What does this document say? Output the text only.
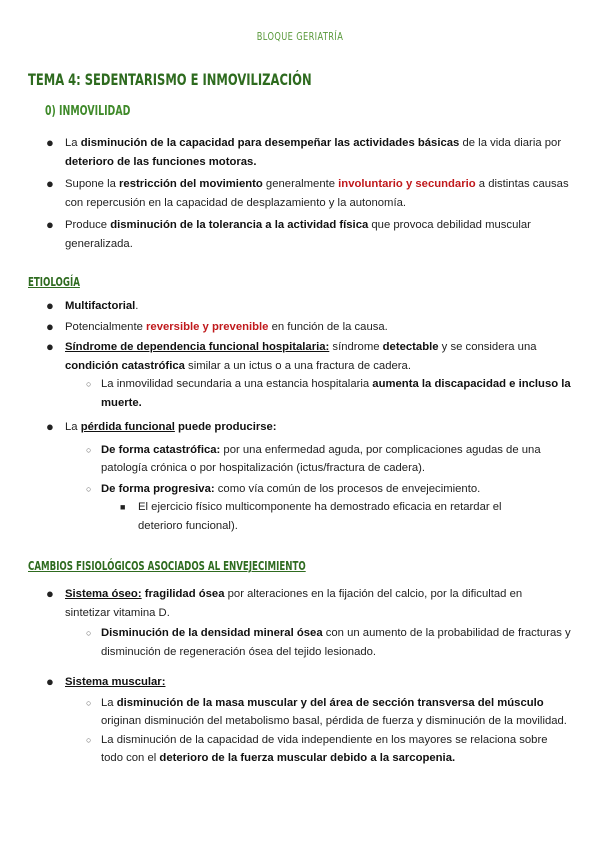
BLOQUE GERIATRÍA
TEMA 4: SEDENTARISMO E INMOVILIZACIÓN
0) INMOVILIDAD
● La disminución de la capacidad para desempeñar las actividades básicas de la vida diaria por deterioro de las funciones motoras.
● Supone la restricción del movimiento generalmente involuntario y secundario a distintas causas con repercusión en la capacidad de desplazamiento y la autonomía.
● Produce disminución de la tolerancia a la actividad física que provoca debilidad muscular generalizada.
ETIOLOGÍA
● Multifactorial.
● Potencialmente reversible y prevenible en función de la causa.
● Síndrome de dependencia funcional hospitalaria: síndrome detectable y se considera una condición catastrófica similar a un ictus o a una fractura de cadera.
○ La inmovilidad secundaria a una estancia hospitalaria aumenta la discapacidad e incluso la muerte.
● La pérdida funcional puede producirse:
○ De forma catastrófica: por una enfermedad aguda, por complicaciones agudas de una patología crónica o por hospitalización (ictus/fractura de cadera).
○ De forma progresiva: como vía común de los procesos de envejecimiento.
■ El ejercicio físico multicomponente ha demostrado eficacia en retardar el deterioro funcional).
CAMBIOS FISIOLÓGICOS ASOCIADOS AL ENVEJECIMIENTO
● Sistema óseo: fragilidad ósea por alteraciones en la fijación del calcio, por la dificultad en sintetizar vitamina D.
○ Disminución de la densidad mineral ósea con un aumento de la probabilidad de fracturas y disminución de regeneración ósea del tejido lesionado.
● Sistema muscular:
○ La disminución de la masa muscular y del área de sección transversa del músculo originan disminución del metabolismo basal, pérdida de fuerza y disminución de la movilidad.
○ La disminución de la capacidad de vida independiente en los mayores se relaciona sobre todo con el deterioro de la fuerza muscular debido a la sarcopenia.
